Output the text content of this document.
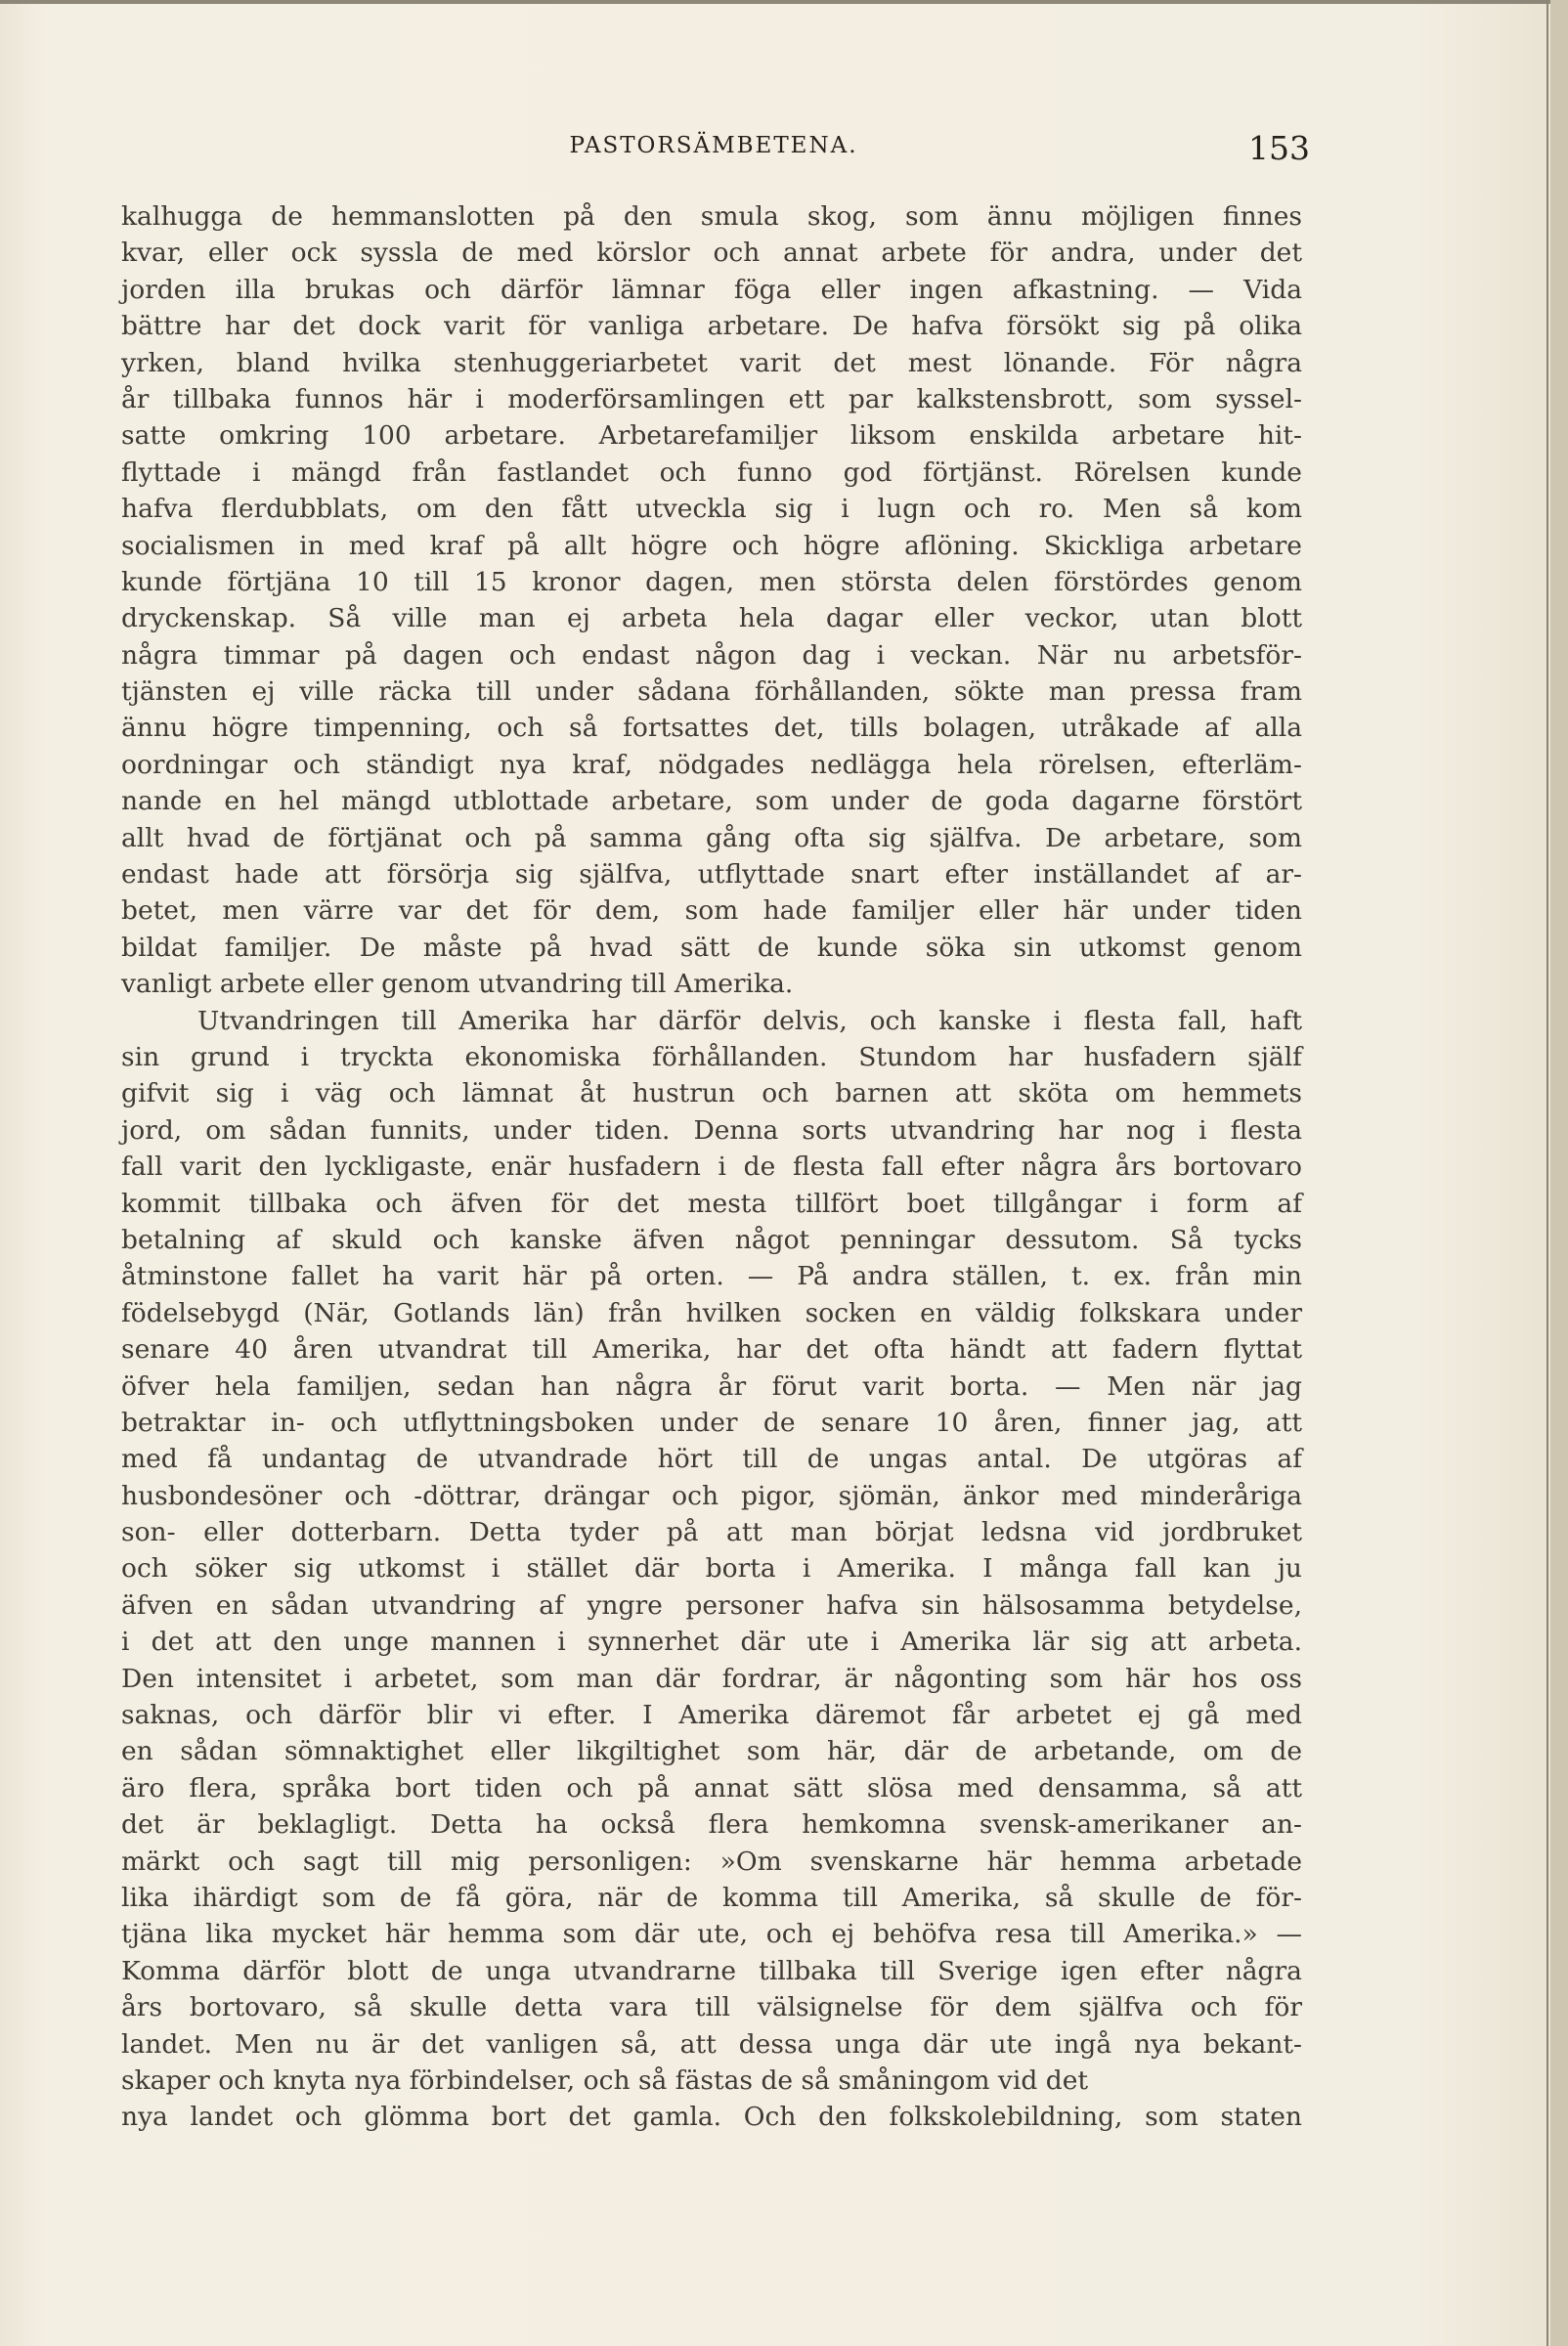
PASTORSÄMBETENA.	153
kalhugga de hemmanslotten på den smula skog, som ännu möjligen finnes
kvar, eller ock syssla de med körslor och annat arbete för andra, under det
jorden illa brukas och därför lämnar föga eller ingen afkastning. — Vida
bättre har det dock varit för vanliga arbetare. De hafva försökt sig på olika
yrken, bland hvilka stenhuggeriarbetet varit det mest lönande. För några
år tillbaka funnos här i moderförsamlingen ett par kalkstensbrott, som syssel-
satte omkring 100 arbetare. Arbetarefamiljer liksom enskilda arbetare hit-
flyttade i mängd från fastlandet och funno god förtjänst. Rörelsen kunde
hafva flerdubblats, om den fått utveckla sig i lugn och ro. Men så kom
socialismen in med kraf på allt högre och högre aflöning. Skickliga arbetare
kunde förtjäna 10 till 15 kronor dagen, men största delen förstördes genom
dryckenskap. Så ville man ej arbeta hela dagar eller veckor, utan blott
några timmar på dagen och endast någon dag i veckan. När nu arbetsför-
tjänsten ej ville räcka till under sådana förhållanden, sökte man pressa fram
ännu högre timpenning, och så fortsattes det, tills bolagen, utråkade af alla
oordningar och ständigt nya kraf, nödgades nedlägga hela rörelsen, efterläm-
nande en hel mängd utblottade arbetare, som under de goda dagarne förstört
allt hvad de förtjänat och på samma gång ofta sig själfva. De arbetare, som
endast hade att försörja sig själfva, utflyttade snart efter inställandet af ar-
betet, men värre var det för dem, som hade familjer eller här under tiden
bildat familjer. De måste på hvad sätt de kunde söka sin utkomst genom
vanligt arbete eller genom utvandring till Amerika.
Utvandringen till Amerika har därför delvis, och kanske i flesta fall, haft
sin grund i tryckta ekonomiska förhållanden. Stundom har husfadern själf
gifvit sig i väg och lämnat åt hustrun och barnen att sköta om hemmets
jord, om sådan funnits, under tiden. Denna sorts utvandring har nog i flesta
fall varit den lyckligaste, enär husfadern i de flesta fall efter några års bortovaro
kommit tillbaka och äfven för det mesta tillfört boet tillgångar i form af
betalning af skuld och kanske äfven något penningar dessutom. Så tycks
åtminstone fallet ha varit här på orten. — På andra ställen, t. ex. från min
födelsebygd (När, Gotlands län) från hvilken socken en väldig folkskara under
senare 40 åren utvandrat till Amerika, har det ofta händt att fadern flyttat
öfver hela familjen, sedan han några år förut varit borta. — Men när jag
betraktar in- och utflyttningsboken under de senare 10 åren, finner jag, att
med få undantag de utvandrade hört till de ungas antal. De utgöras af
husbondesöner och -döttrar, drängar och pigor, sjömän, änkor med minderåriga
son- eller dotterbarn. Detta tyder på att man börjat ledsna vid jordbruket
och söker sig utkomst i stället där borta i Amerika. I många fall kan ju
äfven en sådan utvandring af yngre personer hafva sin hälsosamma betydelse,
i det att den unge mannen i synnerhet där ute i Amerika lär sig att arbeta.
Den intensitet i arbetet, som man där fordrar, är någonting som här hos oss
saknas, och därför blir vi efter. I Amerika däremot får arbetet ej gå med
en sådan sömnaktighet eller likgiltighet som här, där de arbetande, om de
äro flera, språka bort tiden och på annat sätt slösa med densamma, så att
det är beklagligt. Detta ha också flera hemkomna svensk-amerikaner an-
märkt och sagt till mig personligen: »Om svenskarne här hemma arbetade
lika ihärdigt som de få göra, när de komma till Amerika, så skulle de för-
tjäna lika mycket här hemma som där ute, och ej behöfva resa till Amerika.» —
Komma därför blott de unga utvandrarne tillbaka till Sverige igen efter några
års bortovaro, så skulle detta vara till välsignelse för dem själfva och för
landet. Men nu är det vanligen så, att dessa unga där ute ingå nya bekant-
skaper och knyta nya förbindelser, och så fästas de så småningom vid det
nya landet och glömma bort det gamla. Och den folkskolebildning, som staten
